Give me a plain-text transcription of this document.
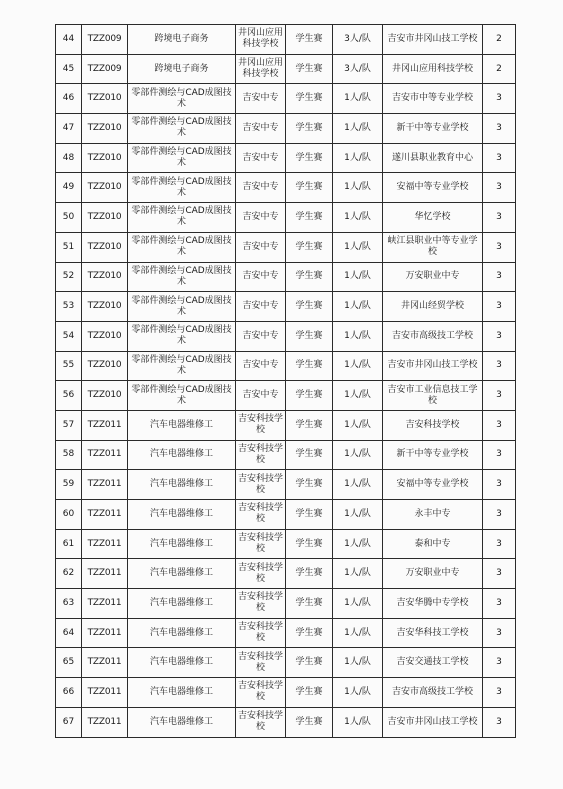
44	TZZ009	跨境电子商务	井冈山应用科技学校	学生赛	3人/队	吉安市井冈山技工学校	2
45	TZZ009	跨境电子商务	井冈山应用科技学校	学生赛	3人/队	井冈山应用科技学校	2
46	TZZ010	零部件测绘与CAD成图技术	吉安中专	学生赛	1人/队	吉安市中等专业学校	3
47	TZZ010	零部件测绘与CAD成图技术	吉安中专	学生赛	1人/队	新干中等专业学校	3
48	TZZ010	零部件测绘与CAD成图技术	吉安中专	学生赛	1人/队	遂川县职业教育中心	3
49	TZZ010	零部件测绘与CAD成图技术	吉安中专	学生赛	1人/队	安福中等专业学校	3
50	TZZ010	零部件测绘与CAD成图技术	吉安中专	学生赛	1人/队	华忆学校	3
51	TZZ010	零部件测绘与CAD成图技术	吉安中专	学生赛	1人/队	峡江县职业中等专业学校	3
52	TZZ010	零部件测绘与CAD成图技术	吉安中专	学生赛	1人/队	万安职业中专	3
53	TZZ010	零部件测绘与CAD成图技术	吉安中专	学生赛	1人/队	井冈山经贸学校	3
54	TZZ010	零部件测绘与CAD成图技术	吉安中专	学生赛	1人/队	吉安市高级技工学校	3
55	TZZ010	零部件测绘与CAD成图技术	吉安中专	学生赛	1人/队	吉安市井冈山技工学校	3
56	TZZ010	零部件测绘与CAD成图技术	吉安中专	学生赛	1人/队	吉安市工业信息技工学校	3
57	TZZ011	汽车电器维修工	吉安科技学校	学生赛	1人/队	吉安科技学校	3
58	TZZ011	汽车电器维修工	吉安科技学校	学生赛	1人/队	新干中等专业学校	3
59	TZZ011	汽车电器维修工	吉安科技学校	学生赛	1人/队	安福中等专业学校	3
60	TZZ011	汽车电器维修工	吉安科技学校	学生赛	1人/队	永丰中专	3
61	TZZ011	汽车电器维修工	吉安科技学校	学生赛	1人/队	泰和中专	3
62	TZZ011	汽车电器维修工	吉安科技学校	学生赛	1人/队	万安职业中专	3
63	TZZ011	汽车电器维修工	吉安科技学校	学生赛	1人/队	吉安华腾中专学校	3
64	TZZ011	汽车电器维修工	吉安科技学校	学生赛	1人/队	吉安华科技工学校	3
65	TZZ011	汽车电器维修工	吉安科技学校	学生赛	1人/队	吉安交通技工学校	3
66	TZZ011	汽车电器维修工	吉安科技学校	学生赛	1人/队	吉安市高级技工学校	3
67	TZZ011	汽车电器维修工	吉安科技学校	学生赛	1人/队	吉安市井冈山技工学校	3
